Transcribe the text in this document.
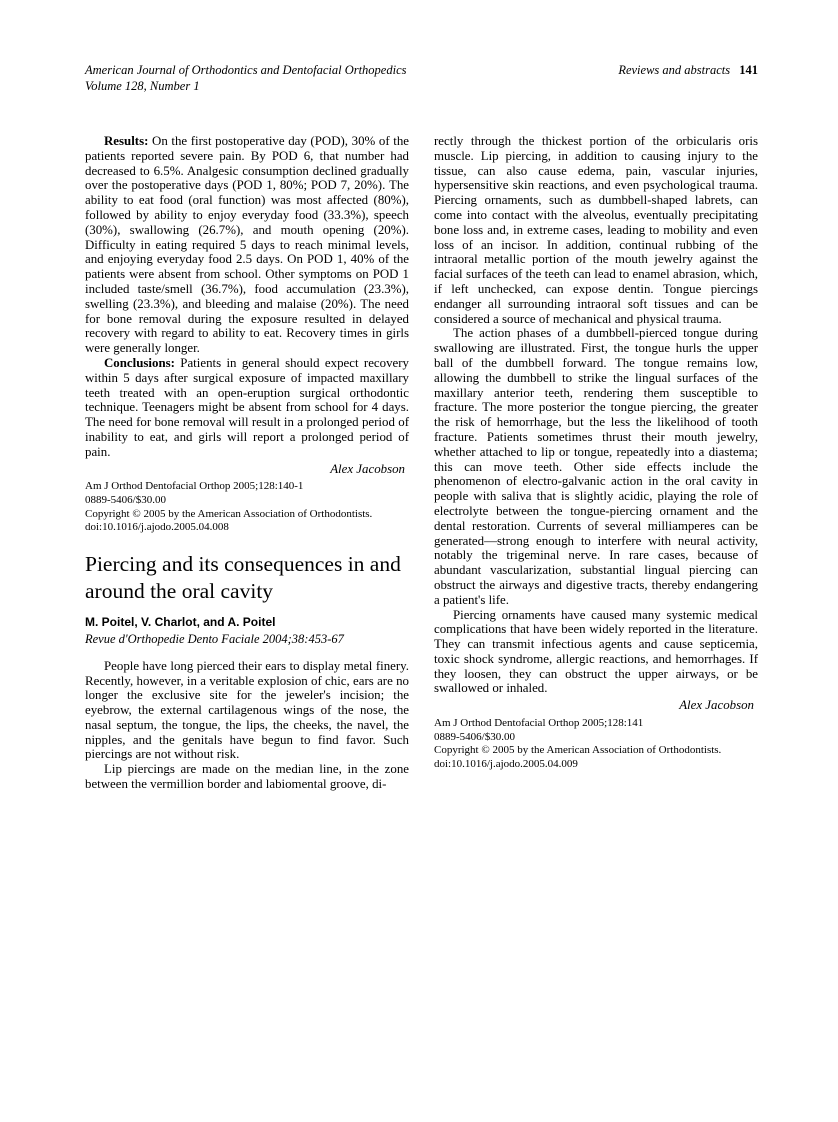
American Journal of Orthodontics and Dentofacial Orthopedics
Volume 128, Number 1
Reviews and abstracts 141

Results: On the first postoperative day (POD), 30% of the patients reported severe pain. By POD 6, that number had decreased to 6.5%. Analgesic consumption declined gradually over the postoperative days (POD 1, 80%; POD 7, 20%). The ability to eat food (oral function) was most affected (80%), followed by ability to enjoy everyday food (33.3%), speech (30%), swallowing (26.7%), and mouth opening (20%). Difficulty in eating required 5 days to reach minimal levels, and enjoying everyday food 2.5 days. On POD 1, 40% of the patients were absent from school. Other symptoms on POD 1 included taste/smell (36.7%), food accumulation (23.3%), swelling (23.3%), and bleeding and malaise (20%). The need for bone removal during the exposure resulted in delayed recovery with regard to ability to eat. Recovery times in girls were generally longer.

Conclusions: Patients in general should expect recovery within 5 days after surgical exposure of impacted maxillary teeth treated with an open-eruption surgical orthodontic technique. Teenagers might be absent from school for 4 days. The need for bone removal will result in a prolonged period of inability to eat, and girls will report a prolonged period of pain.

Alex Jacobson
Am J Orthod Dentofacial Orthop 2005;128:140-1
0889-5406/$30.00
Copyright © 2005 by the American Association of Orthodontists.
doi:10.1016/j.ajodo.2005.04.008
Piercing and its consequences in and around the oral cavity
M. Poitel, V. Charlot, and A. Poitel
Revue d'Orthopedie Dento Faciale 2004;38:453-67

People have long pierced their ears to display metal finery. Recently, however, in a veritable explosion of chic, ears are no longer the exclusive site for the jeweler's incision; the eyebrow, the external cartilagenous wings of the nose, the nasal septum, the tongue, the lips, the cheeks, the navel, the nipples, and the genitals have begun to find favor. Such piercings are not without risk.

Lip piercings are made on the median line, in the zone between the vermillion border and labiomental groove, di-

rectly through the thickest portion of the orbicularis oris muscle. Lip piercing, in addition to causing injury to the tissue, can also cause edema, pain, vascular injuries, hypersensitive skin reactions, and even psychological trauma. Piercing ornaments, such as dumbbell-shaped labrets, can come into contact with the alveolus, eventually precipitating bone loss and, in extreme cases, leading to mobility and even loss of an incisor. In addition, continual rubbing of the intraoral metallic portion of the mouth jewelry against the facial surfaces of the teeth can lead to enamel abrasion, which, if left unchecked, can expose dentin. Tongue piercings endanger all surrounding intraoral soft tissues and can be considered a source of mechanical and physical trauma.

The action phases of a dumbbell-pierced tongue during swallowing are illustrated. First, the tongue hurls the upper ball of the dumbbell forward. The tongue remains low, allowing the dumbbell to strike the lingual surfaces of the maxillary anterior teeth, rendering them susceptible to fracture. The more posterior the tongue piercing, the greater the risk of hemorrhage, but the less the likelihood of tooth fracture. Patients sometimes thrust their mouth jewelry, whether attached to lip or tongue, repeatedly into a diastema; this can move teeth. Other side effects include the phenomenon of electro-galvanic action in the oral cavity in people with saliva that is slightly acidic, playing the role of electrolyte between the tongue-piercing ornament and the dental restoration. Currents of several milliamperes can be generated—strong enough to interfere with neural activity, notably the trigeminal nerve. In rare cases, because of abundant vascularization, substantial lingual piercing can obstruct the airways and digestive tracts, thereby endangering a patient's life.

Piercing ornaments have caused many systemic medical complications that have been widely reported in the literature. They can transmit infectious agents and cause septicemia, toxic shock syndrome, allergic reactions, and hemorrhages. If they loosen, they can obstruct the upper airways, or be swallowed or inhaled.

Alex Jacobson
Am J Orthod Dentofacial Orthop 2005;128:141
0889-5406/$30.00
Copyright © 2005 by the American Association of Orthodontists.
doi:10.1016/j.ajodo.2005.04.009
